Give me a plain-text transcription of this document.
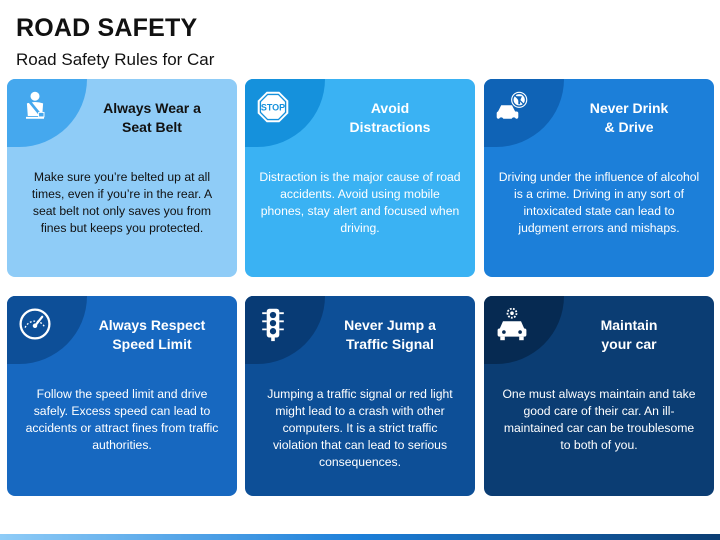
ROAD SAFETY
Road Safety Rules for Car
Always Wear a
Seat Belt
Make sure you’re belted up at all times, even if you’re in the rear. A seat belt not only saves you from fines but keeps you protected.
STOP	Avoid
Distractions
Distraction is the major cause of road accidents. Avoid using mobile phones, stay alert and focused when driving.
Never Drink
& Drive
Driving under the influence of alcohol is a crime. Driving in any sort of intoxicated state can lead to judgment errors and mishaps.
Always Respect
Speed Limit
Follow the speed limit and drive safely. Excess speed can lead to accidents or attract fines from traffic authorities.
Never Jump a
Traffic Signal
Jumping a traffic signal or red light might lead to a crash with other computers. It is a strict traffic violation that can lead to serious consequences.
Maintain
your car
One must always maintain and take good care of their car. An ill-maintained car can be troublesome to both of you.
